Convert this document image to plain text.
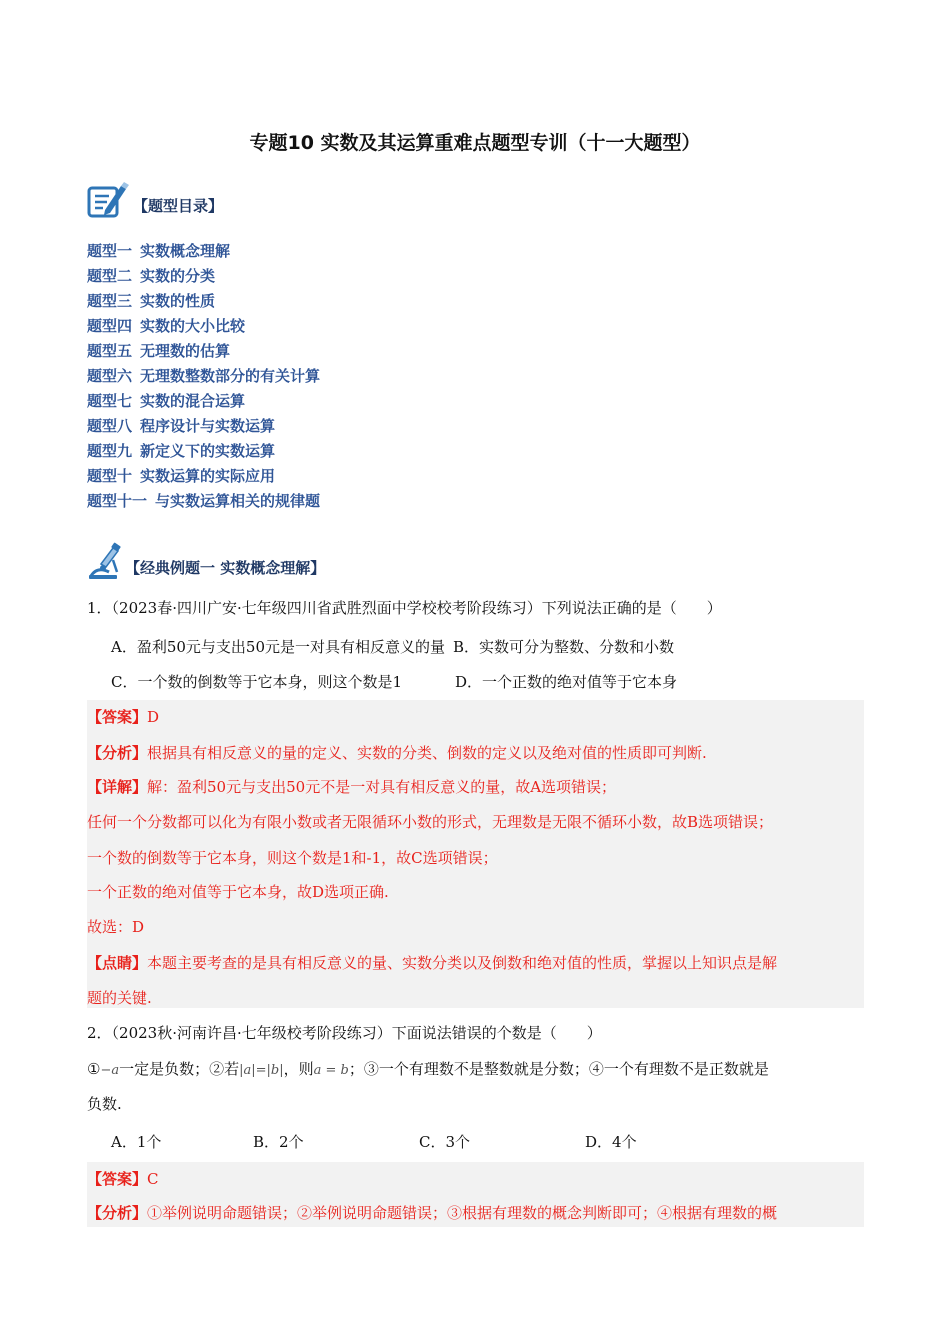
专题10 实数及其运算重难点题型专训（十一大题型）
【题型目录】
题型一 实数概念理解
题型二 实数的分类
题型三 实数的性质
题型四 实数的大小比较
题型五 无理数的估算
题型六 无理数整数部分的有关计算
题型七 实数的混合运算
题型八 程序设计与实数运算
题型九 新定义下的实数运算
题型十 实数运算的实际应用
题型十一 与实数运算相关的规律题
【经典例题一 实数概念理解】
1．（2023春·四川广安·七年级四川省武胜烈面中学校校考阶段练习）下列说法正确的是（　　）
A．盈利50元与支出50元是一对具有相反意义的量 B．实数可分为整数、分数和小数
C．一个数的倒数等于它本身，则这个数是1	D．一个正数的绝对值等于它本身
【答案】D
【分析】根据具有相反意义的量的定义、实数的分类、倒数的定义以及绝对值的性质即可判断.
【详解】解：盈利50元与支出50元不是一对具有相反意义的量，故A选项错误；
任何一个分数都可以化为有限小数或者无限循环小数的形式，无理数是无限不循环小数，故B选项错误；
一个数的倒数等于它本身，则这个数是1和-1，故C选项错误；
一个正数的绝对值等于它本身，故D选项正确.
故选：D
【点睛】本题主要考查的是具有相反意义的量、实数分类以及倒数和绝对值的性质，掌握以上知识点是解
题的关键.
2．（2023秋·河南许昌·七年级校考阶段练习）下面说法错误的个数是（　　）
①−a一定是负数；②若|a|=|b|，则a = b；③一个有理数不是整数就是分数；④一个有理数不是正数就是
负数.
A．1个	B．2个	C．3个	D．4个
【答案】C
【分析】①举例说明命题错误；②举例说明命题错误；③根据有理数的概念判断即可；④根据有理数的概
